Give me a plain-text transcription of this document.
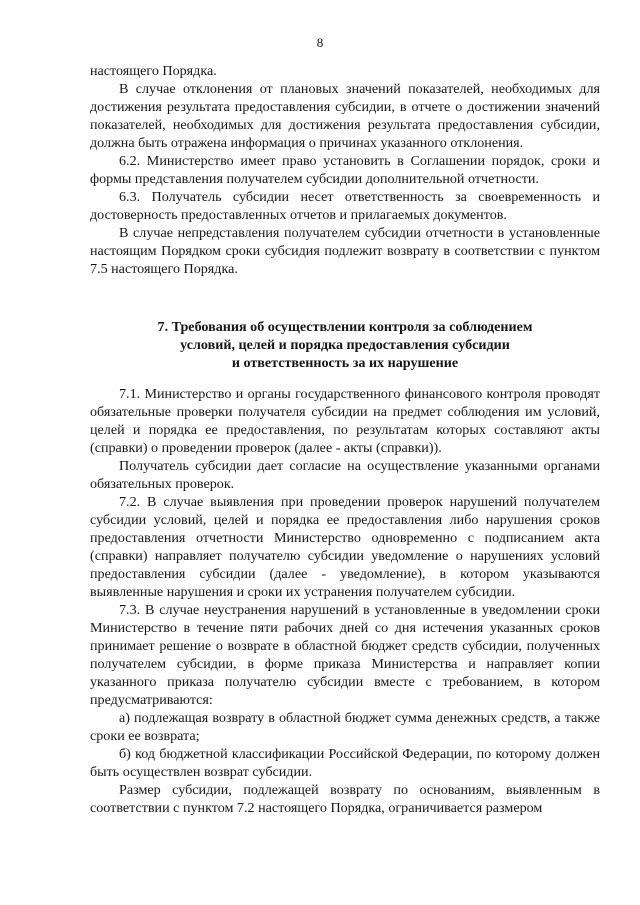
8

настоящего Порядка.

В случае отклонения от плановых значений показателей, необходимых для достижения результата предоставления субсидии, в отчете о достижении значений показателей, необходимых для достижения результата предоставления субсидии, должна быть отражена информация о причинах указанного отклонения.

6.2. Министерство имеет право установить в Соглашении порядок, сроки и формы представления получателем субсидии дополнительной отчетности.

6.3. Получатель субсидии несет ответственность за своевременность и достоверность предоставленных отчетов и прилагаемых документов.

В случае непредставления получателем субсидии отчетности в установленные настоящим Порядком сроки субсидия подлежит возврату в соответствии с пунктом 7.5 настоящего Порядка.

7. Требования об осуществлении контроля за соблюдением

условий, целей и порядка предоставления субсидии

и ответственность за их нарушение

7.1. Министерство и органы государственного финансового контроля проводят обязательные проверки получателя субсидии на предмет соблюдения им условий, целей и порядка ее предоставления, по результатам которых составляют акты (справки) о проведении проверок (далее - акты (справки)).

Получатель субсидии дает согласие на осуществление указанными органами обязательных проверок.

7.2. В случае выявления при проведении проверок нарушений получателем субсидии условий, целей и порядка ее предоставления либо нарушения сроков предоставления отчетности Министерство одновременно с подписанием акта (справки) направляет получателю субсидии уведомление о нарушениях условий предоставления субсидии (далее - уведомление), в котором указываются выявленные нарушения и сроки их устранения получателем субсидии.

7.3. В случае неустранения нарушений в установленные в уведомлении сроки Министерство в течение пяти рабочих дней со дня истечения указанных сроков принимает решение о возврате в областной бюджет средств субсидии, полученных получателем субсидии, в форме приказа Министерства и направляет копии указанного приказа получателю субсидии вместе с требованием, в котором предусматриваются:

а) подлежащая возврату в областной бюджет сумма денежных средств, а также сроки ее возврата;

б) код бюджетной классификации Российской Федерации, по которому должен быть осуществлен возврат субсидии.

Размер субсидии, подлежащей возврату по основаниям, выявленным в соответствии с пунктом 7.2 настоящего Порядка, ограничивается размером
